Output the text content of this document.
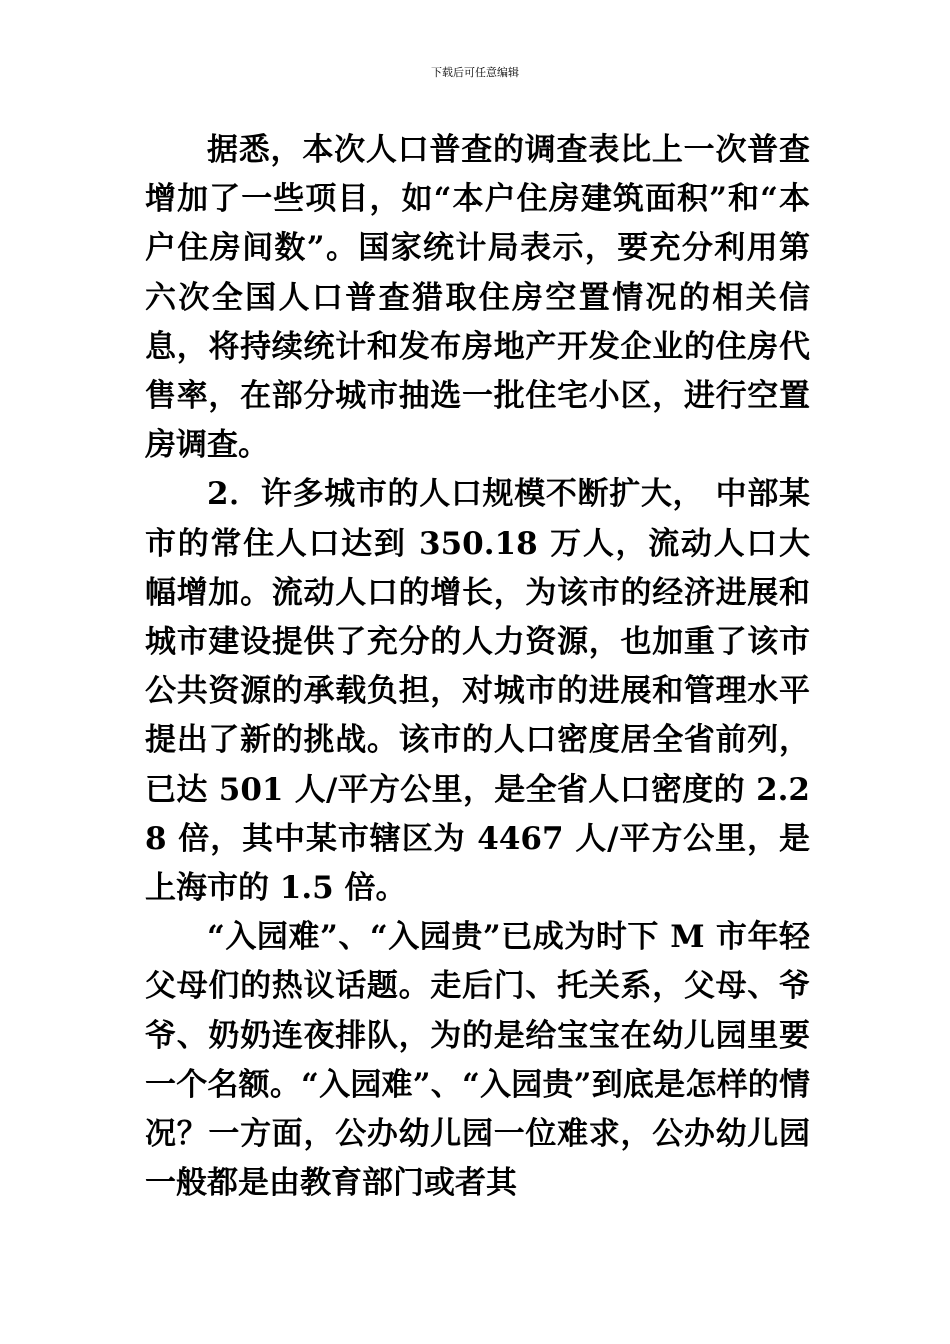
下载后可任意编辑

据悉，本次人口普查的调查表比上一次普查增加了一些项目，如“本户住房建筑面积”和“本户住房间数”。国家统计局表示，要充分利用第六次全国人口普查猎取住房空置情况的相关信息，将持续统计和发布房地产开发企业的住房代售率，在部分城市抽选一批住宅小区，进行空置房调查。

2．许多城市的人口规模不断扩大， 中部某市的常住人口达到 350.18 万人，流动人口大幅增加。流动人口的增长，为该市的经济进展和城市建设提供了充分的人力资源，也加重了该市公共资源的承载负担，对城市的进展和管理水平提出了新的挑战。该市的人口密度居全省前列，已达 501 人/平方公里，是全省人口密度的 2.28 倍，其中某市辖区为 4467 人/平方公里，是上海市的 1.5 倍。

“入园难”、“入园贵”已成为时下 M 市年轻父母们的热议话题。走后门、托关系，父母、爷爷、奶奶连夜排队，为的是给宝宝在幼儿园里要一个名额。“入园难”、“入园贵”到底是怎样的情况？一方面，公办幼儿园一位难求，公办幼儿园一般都是由教育部门或者其
